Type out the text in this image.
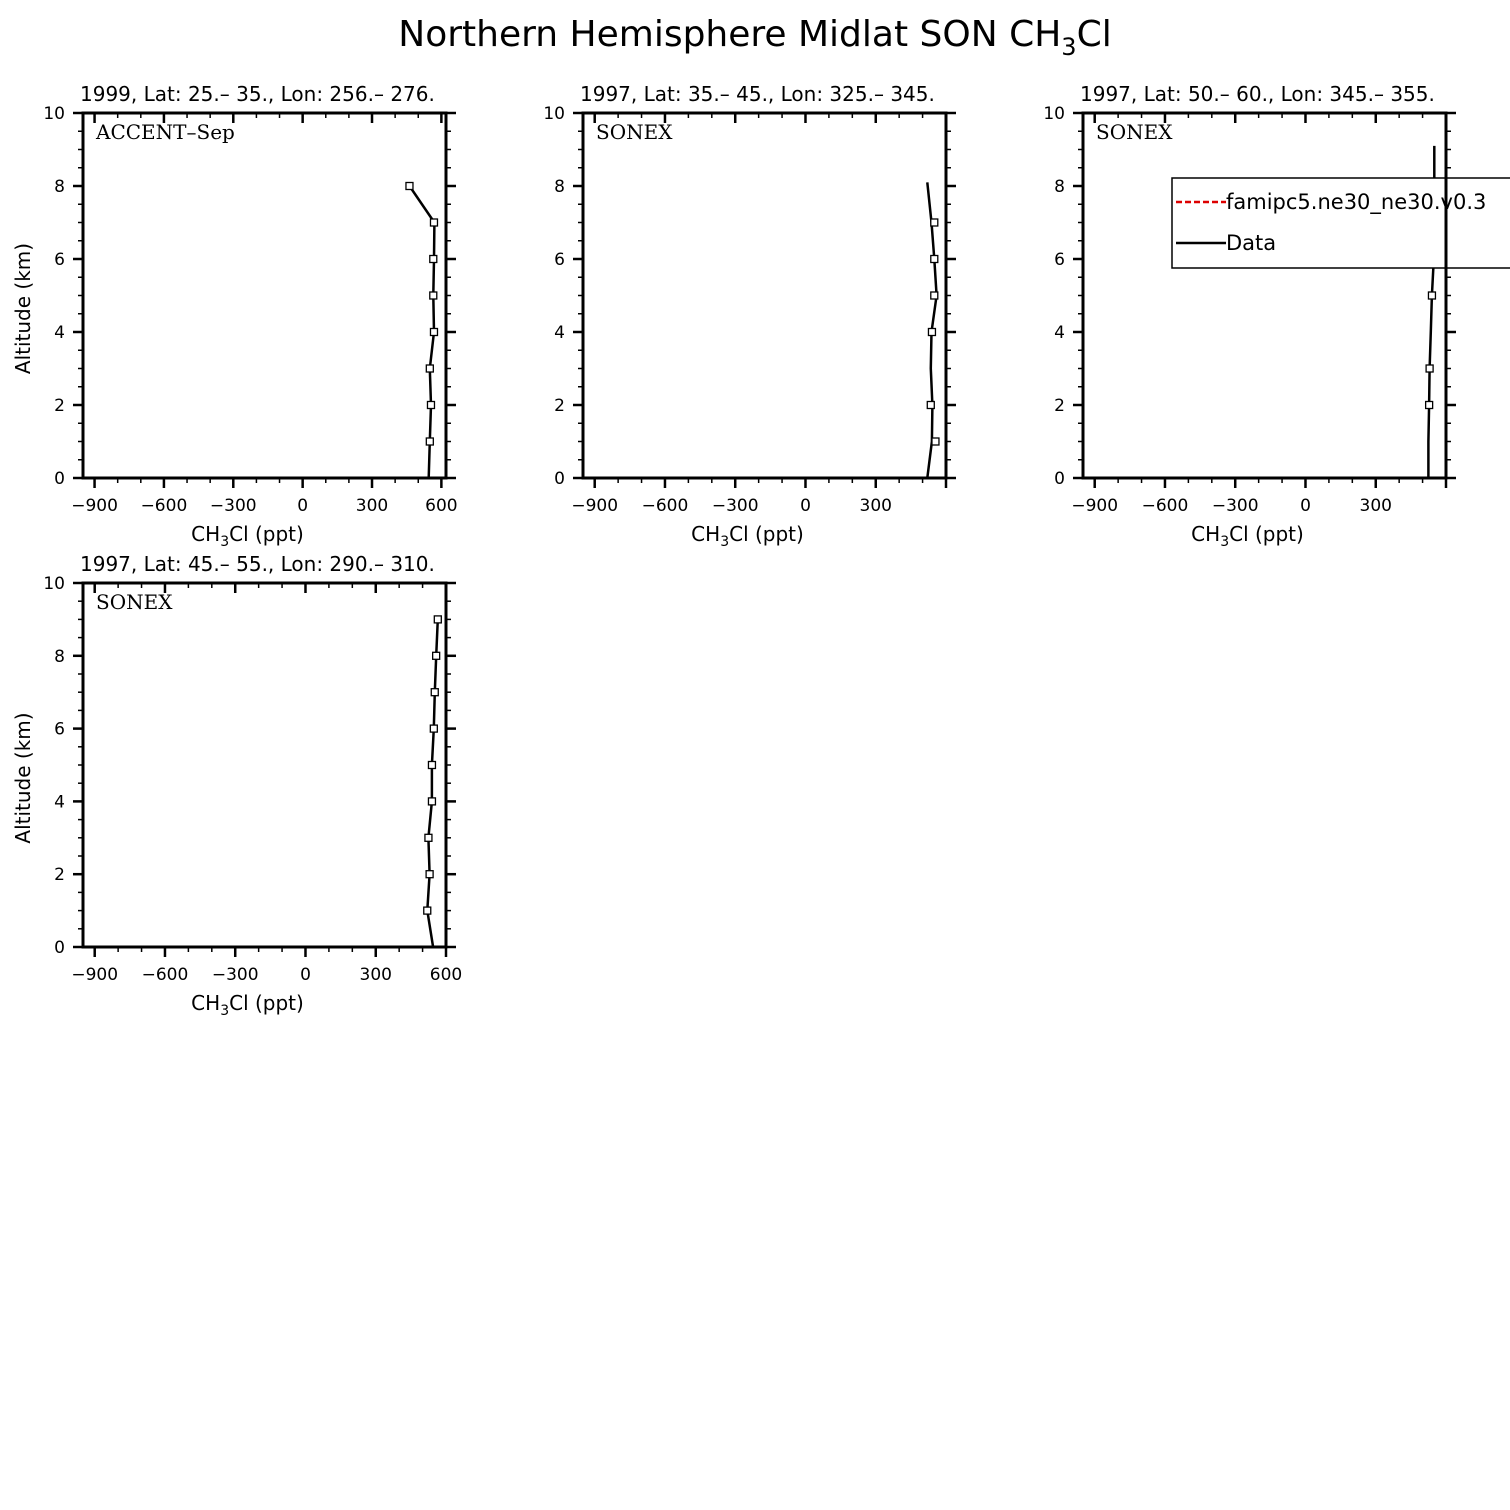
Northern Hemisphere Midlat SON $CH_3Cl$
0
2
4
6
8
10
−900 −600 −300 0	300 600
1999, Lat: 25.– 35., Lon: 256.– 276.
ACCENT–Sep
$CH_3Cl$ (ppt)
Altitude (km)
0
2
4
6
8
10
−900 −600 −300 0	300
1997, Lat: 35.– 45., Lon: 325.– 345.
SONEX
$CH_3Cl$ (ppt)
0
2
4
6
8
10
−900 −600 −300 0	300
1997, Lat: 50.– 60., Lon: 345.– 355.
SONEX
$CH_3Cl$ (ppt)
0
2
4
6
8
10
−900 −600 −300 0	300 600
1997, Lat: 45.– 55., Lon: 290.– 310.
SONEX
$CH_3Cl$ (ppt)
Altitude (km)
famipc5.ne30_ne30.v0.3
Data
